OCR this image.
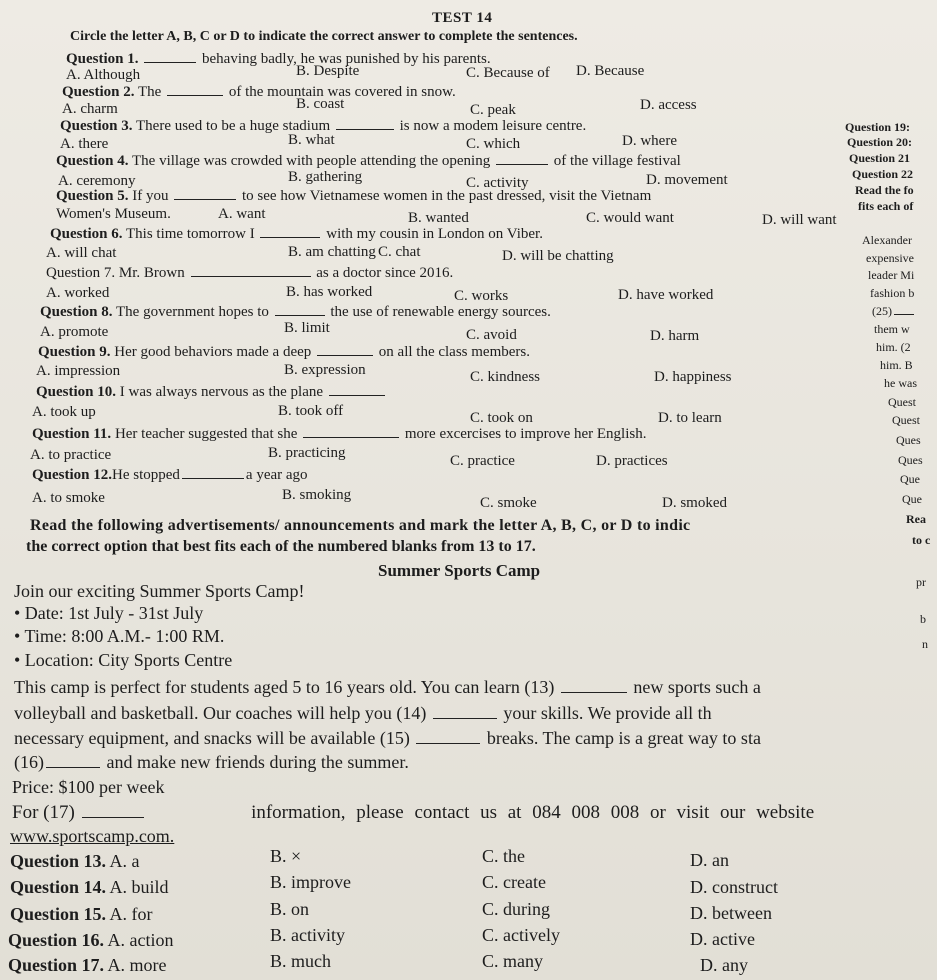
TEST 14
Circle the letter A, B, C or D to indicate the correct answer to complete the sentences.
Question 1.	behaving badly, he was punished by his parents.
A. Although	B. Despite	C. Because of D. Because
Question 2. The	of the mountain was covered in snow.
A. charm	B. coast	C. peak	D. access
Question 3. There used to be a huge stadium	is now a modem leisure centre.
A. there	B. what	C. which	D. where
Question 4. The village was crowded with people attending the opening	of the village festival
A. ceremony	B. gathering	C. activity	D. movement
Question 5. If you	to see how Vietnamese women in the past dressed, visit the Vietnam
Women's Museum.	A. want	B. wanted	C. would want	D. will want
Question 6. This time tomorrow I	with my cousin in London on Viber.
A. will chat	B. am chatting C. chat	D. will be chatting
Question 7. Mr. Brown	as a doctor since 2016.
A. worked	B. has worked	C. works	D. have worked
Question 8. The government hopes to	the use of renewable energy sources.
A. promote	B. limit	C. avoid	D. harm
Question 9. Her good behaviors made a deep	on all the class members.
A. impression	B. expression	C. kindness	D. happiness
Question 10. I was always nervous as the plane
A. took up	B. took off	C. took on	D. to learn
Question 11. Her teacher suggested that she	more excercises to improve her English.
A. to practice	B. practicing	C. practice	D. practices
Question 12.He stopped	a year ago
A. to smoke	B. smoking	C. smoke	D. smoked
Read the following advertisements/ announcements and mark the letter A, B, C, or D to indic
the correct option that best fits each of the numbered blanks from 13 to 17.
Summer Sports Camp
Join our exciting Summer Sports Camp!
• Date: 1st July - 31st July
• Time: 8:00 A.M.- 1:00 RM.
• Location: City Sports Centre
This camp is perfect for students aged 5 to 16 years old. You can learn (13)	new sports such a
volleyball and basketball. Our coaches will help you (14)	your skills. We provide all th
necessary equipment, and snacks will be available (15)	breaks. The camp is a great way to sta
(16)	and make new friends during the summer.
Price: $100 per week
For (17)	information, please contact us at 084 008 008 or visit our website
www.sportscamp.com.
Question 13. A. a	B. ×	C. the	D. an
Question 14. A. build	B. improve	C. create	D. construct
Question 15. A. for	B. on	C. during	D. between
Question 16. A. action	B. activity	C. actively	D. active
Question 17. A. more	B. much	C. many	D. any
Question 19:
Question 20:
Question 21
Question 22
Read the fo
fits each of
Alexander
expensive
leader Mi
fashion b
(25)
them w
him. (2
him. B
he was
Quest
Quest
Ques
Ques
Que
Que
Rea
to c
pr
b
n
